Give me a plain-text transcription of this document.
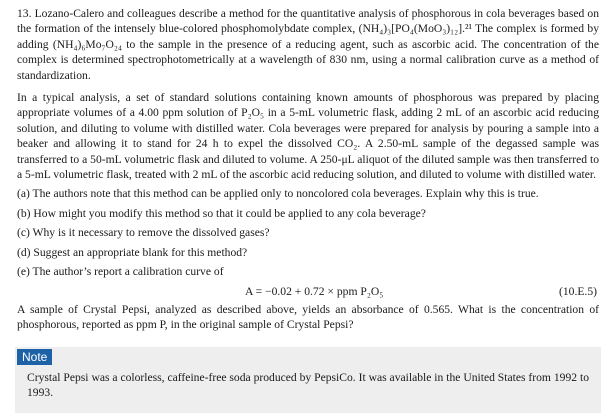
13. Lozano-Calero and colleagues describe a method for the quantitative analysis of phosphorous in cola beverages based on the formation of the intensely blue-colored phosphomolybdate complex, (NH₄)₃[PO₄(MoO₃)₁₂].²¹ The complex is formed by adding (NH₄)₆Mo₇O₂₄ to the sample in the presence of a reducing agent, such as ascorbic acid. The concentration of the complex is determined spectrophotometrically at a wavelength of 830 nm, using a normal calibration curve as a method of standardization.

In a typical analysis, a set of standard solutions containing known amounts of phosphorous was prepared by placing appropriate volumes of a 4.00 ppm solution of P₂O₅ in a 5-mL volumetric flask, adding 2 mL of an ascorbic acid reducing solution, and diluting to volume with distilled water. Cola beverages were prepared for analysis by pouring a sample into a beaker and allowing it to stand for 24 h to expel the dissolved CO₂. A 2.50-mL sample of the degassed sample was transferred to a 50-mL volumetric flask and diluted to volume. A 250-μL aliquot of the diluted sample was then transferred to a 5-mL volumetric flask, treated with 2 mL of the ascorbic acid reducing solution, and diluted to volume with distilled water.

(a) The authors note that this method can be applied only to noncolored cola beverages. Explain why this is true.

(b) How might you modify this method so that it could be applied to any cola beverage?

(c) Why is it necessary to remove the dissolved gases?

(d) Suggest an appropriate blank for this method?

(e) The author’s report a calibration curve of

A = −0.02 + 0.72 × ppm P₂O₅	(10.E.5)

A sample of Crystal Pepsi, analyzed as described above, yields an absorbance of 0.565. What is the concentration of phosphorous, reported as ppm P, in the original sample of Crystal Pepsi?

Note

Crystal Pepsi was a colorless, caffeine-free soda produced by PepsiCo. It was available in the United States from 1992 to 1993.
